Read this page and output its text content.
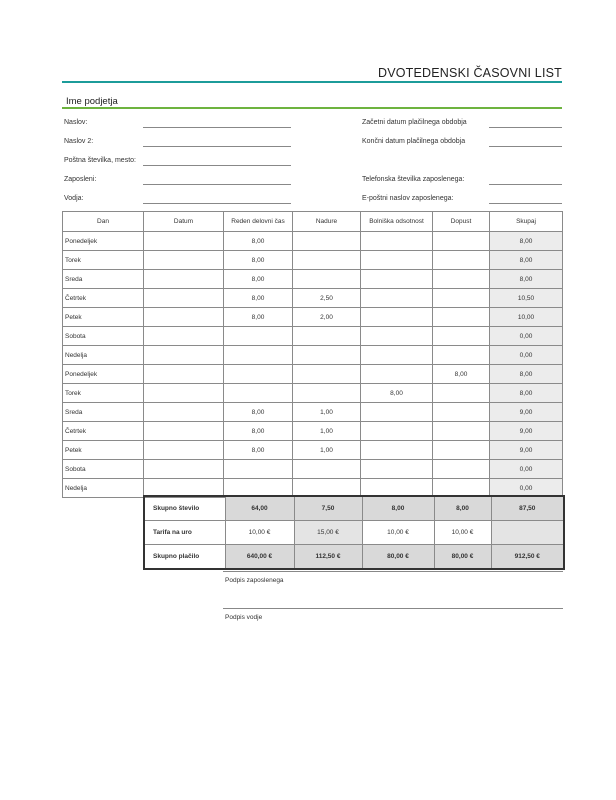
DVOTEDENSKI ČASOVNI LIST
Ime podjetja
Naslov:
Naslov 2:
Poštna številka, mesto:
Zaposleni:
Vodja:
Začetni datum plačilnega obdobja
Končni datum plačilnega obdobja
Telefonska številka zaposlenega:
E-poštni naslov zaposlenega:
Dan	Datum	Reden delovni čas	Nadure	Bolniška odsotnost	Dopust	Skupaj
Ponedeljek		8,00				8,00
Torek		8,00				8,00
Sreda		8,00				8,00
Četrtek		8,00	2,50			10,50
Petek		8,00	2,00			10,00
Sobota						0,00
Nedelja						0,00
Ponedeljek					8,00	8,00
Torek				8,00		8,00
Sreda		8,00	1,00			9,00
Četrtek		8,00	1,00			9,00
Petek		8,00	1,00			9,00
Sobota						0,00
Nedelja						0,00
Skupno število	64,00	7,50	8,00	8,00	87,50
Tarifa na uro	10,00 €	15,00 €	10,00 €	10,00 €	
Skupno plačilo	640,00 €	112,50 €	80,00 €	80,00 €	912,50 €
Podpis zaposlenega
Podpis vodje
